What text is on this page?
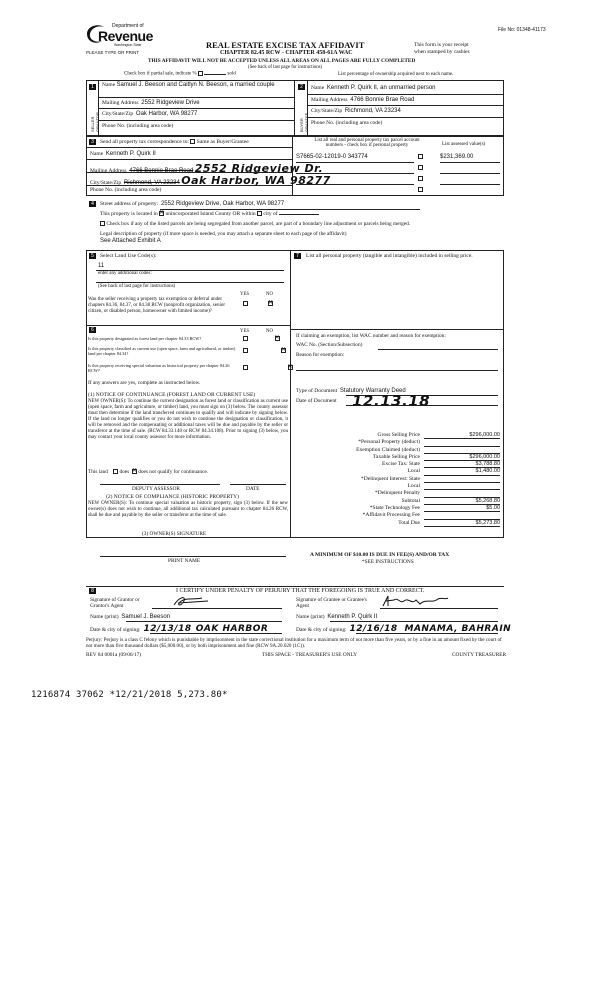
Department of
Revenue
Washington State
PLEASE TYPE OR PRINT
File No: 01348-41173
REAL ESTATE EXCISE TAX AFFIDAVIT
CHAPTER 82.45 RCW - CHAPTER 458-61A WAC
THIS AFFIDAVIT WILL NOT BE ACCEPTED UNLESS ALL AREAS ON ALL PAGES ARE FULLY COMPLETED
(See back of last page for instructions)
This form is your receipt
when stamped by cashier.
Check box if partial sale, indicate %	sold	List percentage of ownership acquired next to each name.
1	2
SELLER GRANTOR	BUYER GRANTEE
Name Samuel J. Beeson and Caitlyn N. Beeson, a married couple
Mailing Address 2552 Ridgeview Drive
City/State/Zip Oak Harbor, WA 98277
Phone No. (including area code)
Name Kenneth P. Quirk II, an unmarried person
Mailing Address 4766 Bonnie Brae Road
City/State/Zip Richmond, VA 23234
Phone No. (including area code)
3	Send all property tax correspondence to: Same as Buyer/Grantee
Name Kenneth P. Quirk II
Mailing Address 4766 Bonnie Brae Road 2552 Ridgeview Dr.
City/State/Zip Richmond, VA 23234 Oak Harbor, WA 98277
Phone No. (including area code)
List all real and personal property tax parcel account
numbers - check box if personal property	List assessed value(s)
S7665-02-12019-0 343774	$231,369.00
4	Street address of property: 2552 Ridgeview Drive, Oak Harbor, WA 98277
This property is located in ✕ unincorporated Island County OR within city of
Check box if any of the listed parcels are being segregated from another parcel, are part of a boundary line adjustment or parcels being merged.
Legal description of property (if more space is needed, you may attach a separate sheet to each page of the affidavit)
See Attached Exhibit A
5	Select Land Use Code(s):
11
enter any additional codes:
(See back of last page for instructions)
YES	NO
Was the seller receiving a property tax exemption or deferral under chapters 84.36, 84.37, or 84.38 RCW (nonprofit organization, senior citizen, or disabled person, homeowner with limited income)?
✕
6	YES	NO
Is this property designated as forest land per chapter 84.33 RCW?
✕
Is this property classified as current use (open space, farm and agricultural, or timber) land per chapter 84.34?
✕
Is this property receiving special valuation as historical property per chapter 84.26 RCW?
✕
If any answers are yes, complete as instructed below.
(1) NOTICE OF CONTINUANCE (FOREST LAND OR CURRENT USE)
NEW OWNER(S): To continue the current designation as forest land or classification as current use (open space, farm and agriculture, or timber) land, you must sign on (3) below. The county assessor must then determine if the land transferred continues to qualify and will indicate by signing below. If the land no longer qualifies or you do not wish to continue the designation or classification, it will be removed and the compensating or additional taxes will be due and payable by the seller or transferor at the time of sale. (RCW 84.33.140 or RCW 84.34.108). Prior to signing (3) below, you may contact your local county assessor for more information.
This land does ✕ does not qualify for continuance.
DEPUTY ASSESSOR	DATE
(2) NOTICE OF COMPLIANCE (HISTORIC PROPERTY)
NEW OWNER(S): To continue special valuation as historic property, sign (3) below. If the new owner(s) does not wish to continue, all additional tax calculated pursuant to chapter 84.26 RCW, shall be due and payable by the seller or transferor at the time of sale.
(3) OWNER(S) SIGNATURE
PRINT NAME
7	List all personal property (tangible and intangible) included in selling price.
If claiming an exemption, list WAC number and reason for exemption:
WAC No. (Section/Subsection)
Reason for exemption:
Type of Document Statutory Warranty Deed
Date of Document 12.13.18
Gross Selling Price	$296,000.00
*Personal Property (deduct)
Exemption Claimed (deduct)
Taxable Selling Price	$296,000.00
Excise Tax: State	$3,788.80
Local	$1,480.00
*Delinquent Interest: State
Local
*Delinquent Penalty
Subtotal	$5,268.80
*State Technology Fee	$5.00
*Affidavit Processing Fee
Total Due	$5,273.80
A MINIMUM OF $10.00 IS DUE IN FEE(S) AND/OR TAX
*SEE INSTRUCTIONS
8	I CERTIFY UNDER PENALTY OF PERJURY THAT THE FOREGOING IS TRUE AND CORRECT.
Signature of Grantor or Grantor's Agent
Signature of Grantee or Grantee's Agent
Name (print) Samuel J. Beeson	Name (print) Kenneth P. Quirk II
Date & city of signing: 12/13/18 OAK HARBOR	Date & city of signing: 12/16/18 MANAMA, BAHRAIN
Perjury: Perjury is a class C felony which is punishable by imprisonment in the state correctional institution for a maximum term of not more than five years, or by a fine in an amount fixed by the court of not more than five thousand dollars ($5,000.00), or by both imprisonment and fine (RCW 9A.20.020 (1C)).
REV 84 0001a (09/06/17)	THIS SPACE - TREASURER'S USE ONLY	COUNTY TREASURER
1216874 37062 *12/21/2018 5,273.80*
